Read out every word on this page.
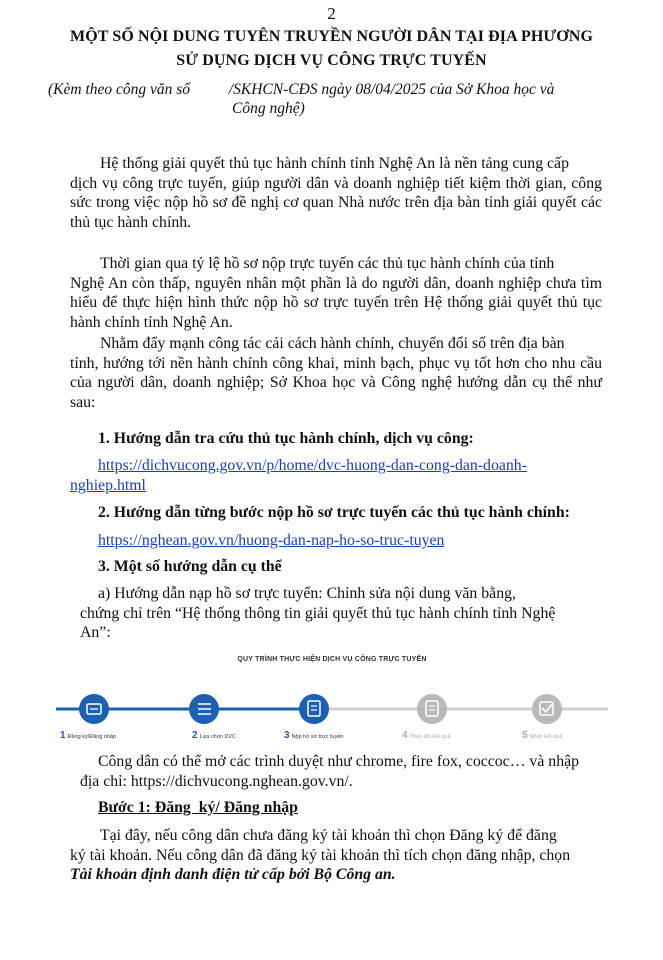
2
MỘT SỐ NỘI DUNG TUYÊN TRUYỀN NGƯỜI DÂN TẠI ĐỊA PHƯƠNG
SỬ DỤNG DỊCH VỤ CÔNG TRỰC TUYẾN
(Kèm theo công văn số          /SKHCN-CĐS ngày 08/04/2025 của Sở Khoa học và
Công nghệ)
Hệ thống giải quyết thủ tục hành chính tỉnh Nghệ An là nền tảng cung cấp
dịch vụ công trực tuyến, giúp người dân và doanh nghiệp tiết kiệm thời gian, công sức trong việc nộp hồ sơ đề nghị cơ quan Nhà nước trên địa bàn tỉnh giải quyết các thủ tục hành chính.
Thời gian qua tỷ lệ hồ sơ nộp trực tuyến các thủ tục hành chính của tỉnh
Nghệ An còn thấp, nguyên nhân một phần là do người dân, doanh nghiệp chưa tìm hiểu để thực hiện hình thức nộp hồ sơ trực tuyến trên Hệ thống giải quyết thủ tục hành chính tỉnh Nghệ An.
Nhằm đẩy mạnh công tác cải cách hành chính, chuyển đổi số trên địa bàn
tỉnh, hướng tới nền hành chính công khai, minh bạch, phục vụ tốt hơn cho nhu cầu của người dân, doanh nghiệp; Sở Khoa học và Công nghệ hướng dẫn cụ thể như sau:
1. Hướng dẫn tra cứu thủ tục hành chính, dịch vụ công:
https://dichvucong.gov.vn/p/home/dvc-huong-dan-cong-dan-doanh-
nghiep.html
2. Hướng dẫn từng bước nộp hồ sơ trực tuyến các thủ tục hành chính:
https://nghean.gov.vn/huong-dan-nap-ho-so-truc-tuyen
3. Một số hướng dẫn cụ thể
a) Hướng dẫn nạp hồ sơ trực tuyến: Chỉnh sửa nội dung văn bằng,
chứng chỉ trên “Hệ thống thông tin giải quyết thủ tục hành chính tỉnh Nghệ
An”:
QUY TRÌNH THỰC HIỆN DỊCH VỤ CÔNG TRỰC TUYẾN
1 Đăng ký/Đăng nhập	2 Lựa chọn DVC	3 Nộp hồ sơ trực tuyến	4 Theo dõi kết quả	5 Nhận kết quả
Công dân có thể mở các trình duyệt như chrome, fire fox, coccoc… và nhập
địa chỉ: https://dichvucong.nghean.gov.vn/.
Bước 1: Đăng  ký/ Đăng nhập
Tại đây, nếu công dân chưa đăng ký tài khoản thì chọn Đăng ký để đăng
ký tài khoản. Nếu công dân đã đăng ký tài khoản thì tích chọn đăng nhập, chọn
Tài khoản định danh điện tử cấp bởi Bộ Công an.
